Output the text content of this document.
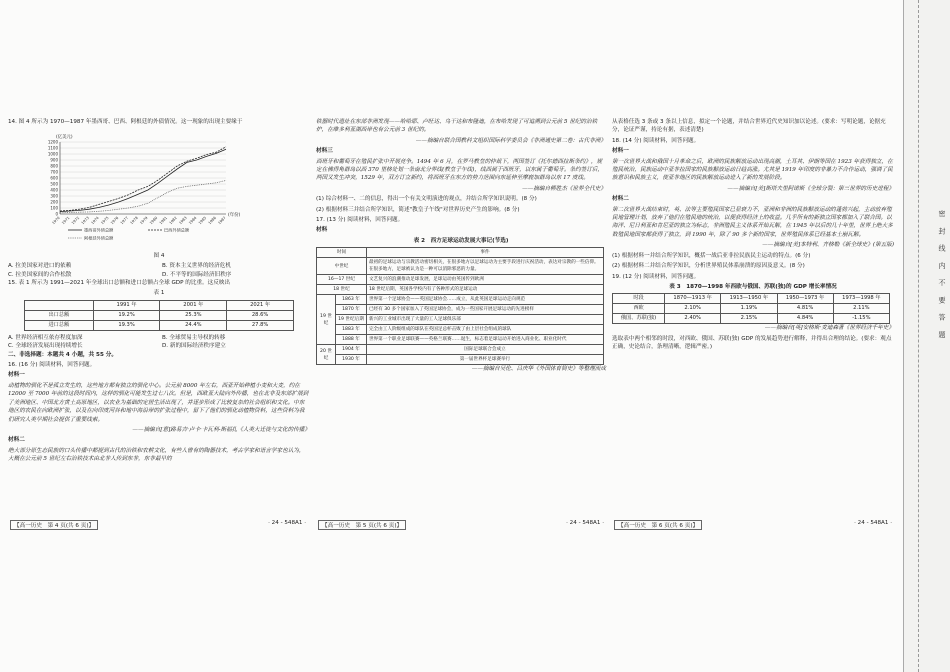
14. 图 4 所示为 1970—1987 年墨西哥、巴西、阿根廷的外债情况。这一现象的出现主要缘于

0
100
200
300
400
500
600
700
800
900
1000
1100
1200
1970 1971 1972 1973 1974 1975 1976 1977 1978 1979 1980 1981 1982 1983 1984 1985 1986 1987
(亿美元)
(年份)
墨西哥外债总额	巴西外债总额
阿根廷外债总额

图 4

A. 拉美国家对进口的依赖	B. 资本主义世界的经济危机
C. 拉美国家间的合作松散	D. 不平等的国际经济旧秩序

15. 表 1 所示为 1991—2021 年全球出口总额和进口总额占全球 GDP 的比重。这反映出

表 1

	1991 年	2001 年	2021 年
出口总额	19.2%	25.3%	28.6%
进口总额	19.3%	24.4%	27.8%
A. 世界经济相互依存程度加深	B. 全球贸易主导权的转移
C. 全球经济发展出现持续增长	D. 新的国际经济秩序建立

二、非选择题：本题共 4 小题，共 55 分。

16. (16 分) 阅读材料，回答问题。

材料一

动植物的驯化不是孤立发生的，这些地方都有独立的驯化中心。公元前 8000 年左右，西亚开始种植小麦和大麦，约在 12000 至 7000 年前的这段时间内，这样的驯化可能发生过七八次。但是，西欧亚大陆向外传播，也在北非及东部扩展到了美洲地区、中国北方黄土高原地区，以农业为基础的定居生活出现了，并逐步形成了比较复杂的社会组织和文化。中东地区的农民在向欧洲扩张，以及在向印度河谷和地中海沿岸的扩张过程中，留下了他们的驯化动植物资料，这些资料为我们研究人类早期社会提供了重要线索。

——摘编自[意]路易吉·卢卡·卡瓦利-斯福扎《人类大迁徙与文化的传播》

材料二

绝大部分原生态民族的口头传播中都提到古代的治铁和农耕文化，有些人曾有的陶器技术，考古学家和语言学家也认为，大概在公元前 5 世纪左右治铁技术由北非人传到东非，东非最早的

铁器时代遗址在东部非洲发现——哈哈耶、卢旺达、乌干达和布隆迪，在布哈发现了可追溯到公元前 5 世纪的治铁炉，在维多利亚湖西岸也有公元前 3 世纪的。

——摘编自联合国教科文组织国际科学委员会《非洲通史第二卷：古代非洲》

材料三

西班牙和葡萄牙在殖民扩张中开展竞争。1494 年 6 月，在罗马教皇的仲裁下，两国签订《托尔德西拉斯条约》，规定在佛得角群岛以西 370 里格处划一条南北分界线(教皇子午线)，线西属于西班牙，以东属于葡萄牙。条约签订后，两国又发生冲突，1529 年，双方订立新约，将西班牙在东方的势力范围向东延伸至摩鹿加群岛以东 17 度线。

——摘编自柳胜杰《世界全代史》

(1) 综合材料一、二的信息，得出一个有关文明演进的观点，并结合所学知识说明。(8 分)

(2) 根据材料三并结合所学知识，简述"教皇子午线"对世界历史产生的影响。(8 分)

17. (13 分) 阅读材料，回答问题。

材料

表 2　西方足球运动发展大事记(节选)

时间		事件
中世纪		最初的足球运动与宗教活动密切相关，在很多地方以足球运动为主要手段进行庆祝活动，表达对宗教的一些信仰。在很多地方，足球被认为是一种可以消除邪恶的力量。
16—17 世纪		文艺复兴的浪潮推动足球发展，足球运动由英国传到欧洲
18 世纪		18 世纪后期，英国各学校内有了各种形式的足球运动
19 世纪	1863 年	世界第一个足球协会——英国足球协会……成立，从此英国足球运动走向规范
	1870 年	已经有 30 多个国家加入了英国足球协会，成为一些国家开展足球运动的先进榜样
	19 世纪后期	新兴的工业城市出现了大量的工人足球俱乐部
	1883 年	完全由工人阶级组成的球队在英国足总杯击败了由上层社会组成的球队
	1888 年	世界第一个职业足球联赛——英格兰联赛……诞生，标志着足球运动开始进入商业化、职业化时代
20 世纪	1904 年	国际足球联合会成立
	1930 年	第一届世界杯足球赛举行

——摘编自吴伦、吕庆华《外国体育简史》等整理而成

从表格任选 3 条或 3 条以上信息，拟定一个论题，并结合世界近代史知识加以论述。(要求：写明论题，论据充分，论证严谨，持论有据，表述清楚)

18. (14 分) 阅读材料，回答问题。

材料一

第一次世界大战和俄国十月革命之后，欧洲的民族解放运动出现高潮，土耳其、伊朗等国在 1923 年获得独立，在殖民统治，民族运动中亚非拉国家的民族解放运动日趋高涨。尤其是 1919 年印度的非暴力不合作运动，强调了民族意识和民族主义，使亚非地区的民族解放运动进入了新的发展阶段。

——摘编自[美]斯塔夫里阿诺斯《全球分裂：第三世界的历史进程》

材料二

第二次世界大战结束时，英、法等主要殖民国家已显衰力不，亚洲和非洲的民族解放运动的蓬勃兴起，主动放弃殖民地管理计划，放弃了他们在殖民地的统治，以便获得经济上的收益。几乎所有的新独立国家都加入了联合国。以海洋、尼日利亚和肯尼亚的独立为标志，非洲殖民主义体系开始瓦解，在 1945 年以后的几十年里，世界上绝大多数殖民地国家都获得了独立，到 1990 年，除了 90 多个新的国家，世界殖民体系已经基本土崩瓦解。

——摘编自[美]本特利、齐格勒《新全球史》(第五版)

(1) 根据材料一并结合所学知识，概括一战后亚非拉民族民主运动的特点。(6 分)

(2) 根据材料二并结合所学知识，分析世界殖民体系崩溃的原因及意义。(8 分)

19. (12 分) 阅读材料，回答问题。

表 3　1870—1998 年西欧与俄国、苏联(独)的 GDP 增长率情况

时段	1870—1913 年	1913—1950 年	1950—1973 年	1973—1998 年
西欧	2.10%	1.19%	4.81%	2.11%
俄国、苏联(独)	2.40%	2.15%	4.84%	-1.15%

——摘编自[英]安格斯·麦迪森著《世界经济千年史》

选取表中两个相邻的时段，对西欧、俄国、苏联(独) GDP 的发展趋势进行解释，并得出合理的结论。(要求：观点正确，史论结合，条理清晰，逻辑严密。)

【高一历史　第 4 页(共 6 页)】	· 24 - 548A1 ·	【高一历史　第 5 页(共 6 页)】	· 24 - 548A1 ·	【高一历史　第 6 页(共 6 页)】	· 24 - 548A1 ·
密 封 线 内 不 要 答 题
